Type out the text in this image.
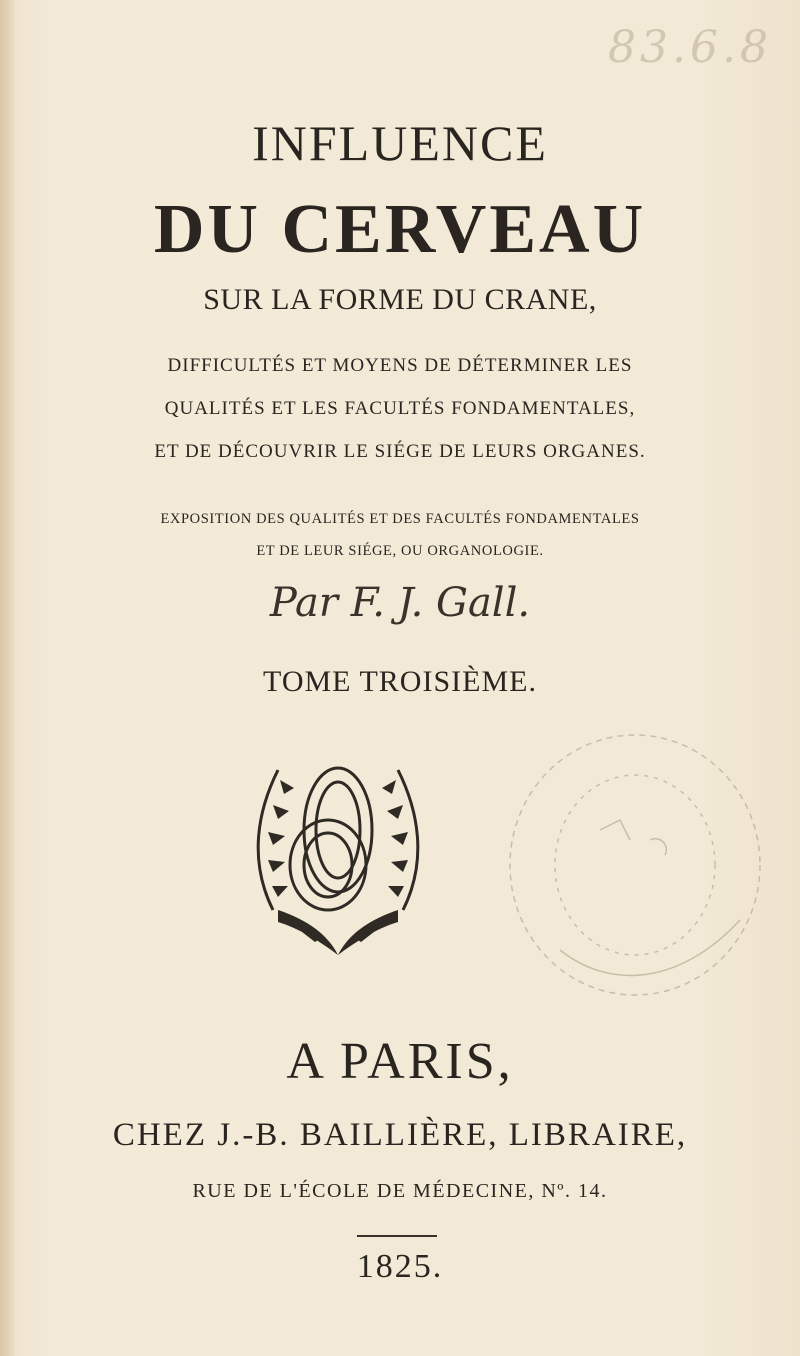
83.6.8
INFLUENCE
DU CERVEAU
SUR LA FORME DU CRANE,
DIFFICULTÉS ET MOYENS DE DÉTERMINER LES
QUALITÉS ET LES FACULTÉS FONDAMENTALES,
ET DE DÉCOUVRIR LE SIÉGE DE LEURS ORGANES.
EXPOSITION DES QUALITÉS ET DES FACULTÉS FONDAMENTALES
ET DE LEUR SIÉGE, OU ORGANOLOGIE.
Par F. J. Gall.
TOME TROISIÈME.
A PARIS,
CHEZ J.-B. BAILLIÈRE, LIBRAIRE,
RUE DE L'ÉCOLE DE MÉDECINE, Nº. 14.
1825.
